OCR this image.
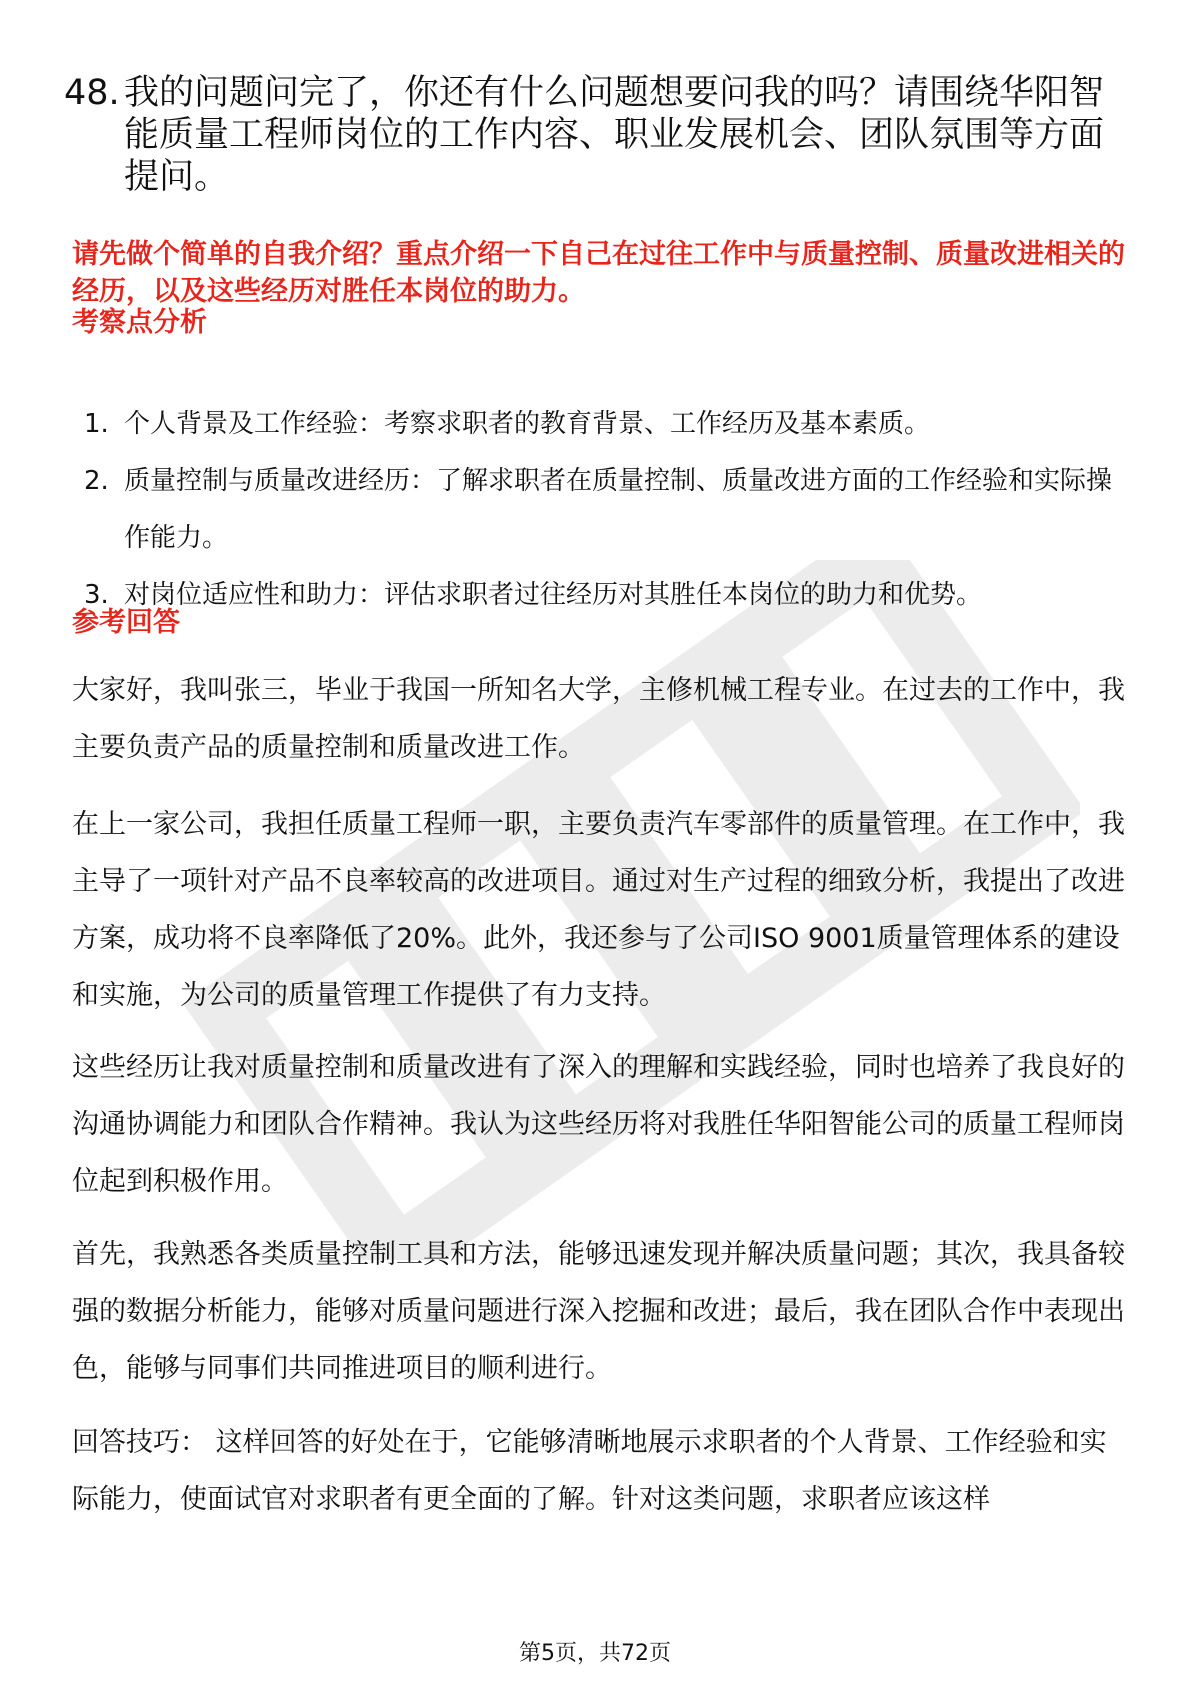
48. 我的问题问完了，你还有什么问题想要问我的吗？请围绕华阳智能质量工程师岗位的工作内容、职业发展机会、团队氛围等方面提问。
请先做个简单的自我介绍？重点介绍一下自己在过往工作中与质量控制、质量改进相关的经历，以及这些经历对胜任本岗位的助力。
考察点分析
1. 个人背景及工作经验：考察求职者的教育背景、工作经历及基本素质。
2. 质量控制与质量改进经历：了解求职者在质量控制、质量改进方面的工作经验和实际操作能力。
3. 对岗位适应性和助力：评估求职者过往经历对其胜任本岗位的助力和优势。
参考回答

大家好，我叫张三，毕业于我国一所知名大学，主修机械工程专业。在过去的工作中，我主要负责产品的质量控制和质量改进工作。

在上一家公司，我担任质量工程师一职，主要负责汽车零部件的质量管理。在工作中，我主导了一项针对产品不良率较高的改进项目。通过对生产过程的细致分析，我提出了改进方案，成功将不良率降低了20%。此外，我还参与了公司ISO 9001质量管理体系的建设和实施，为公司的质量管理工作提供了有力支持。

这些经历让我对质量控制和质量改进有了深入的理解和实践经验，同时也培养了我良好的沟通协调能力和团队合作精神。我认为这些经历将对我胜任华阳智能公司的质量工程师岗位起到积极作用。

首先，我熟悉各类质量控制工具和方法，能够迅速发现并解决质量问题；其次，我具备较强的数据分析能力，能够对质量问题进行深入挖掘和改进；最后，我在团队合作中表现出色，能够与同事们共同推进项目的顺利进行。

回答技巧： 这样回答的好处在于，它能够清晰地展示求职者的个人背景、工作经验和实际能力，使面试官对求职者有更全面的了解。针对这类问题，求职者应该这样

第5页，共72页
